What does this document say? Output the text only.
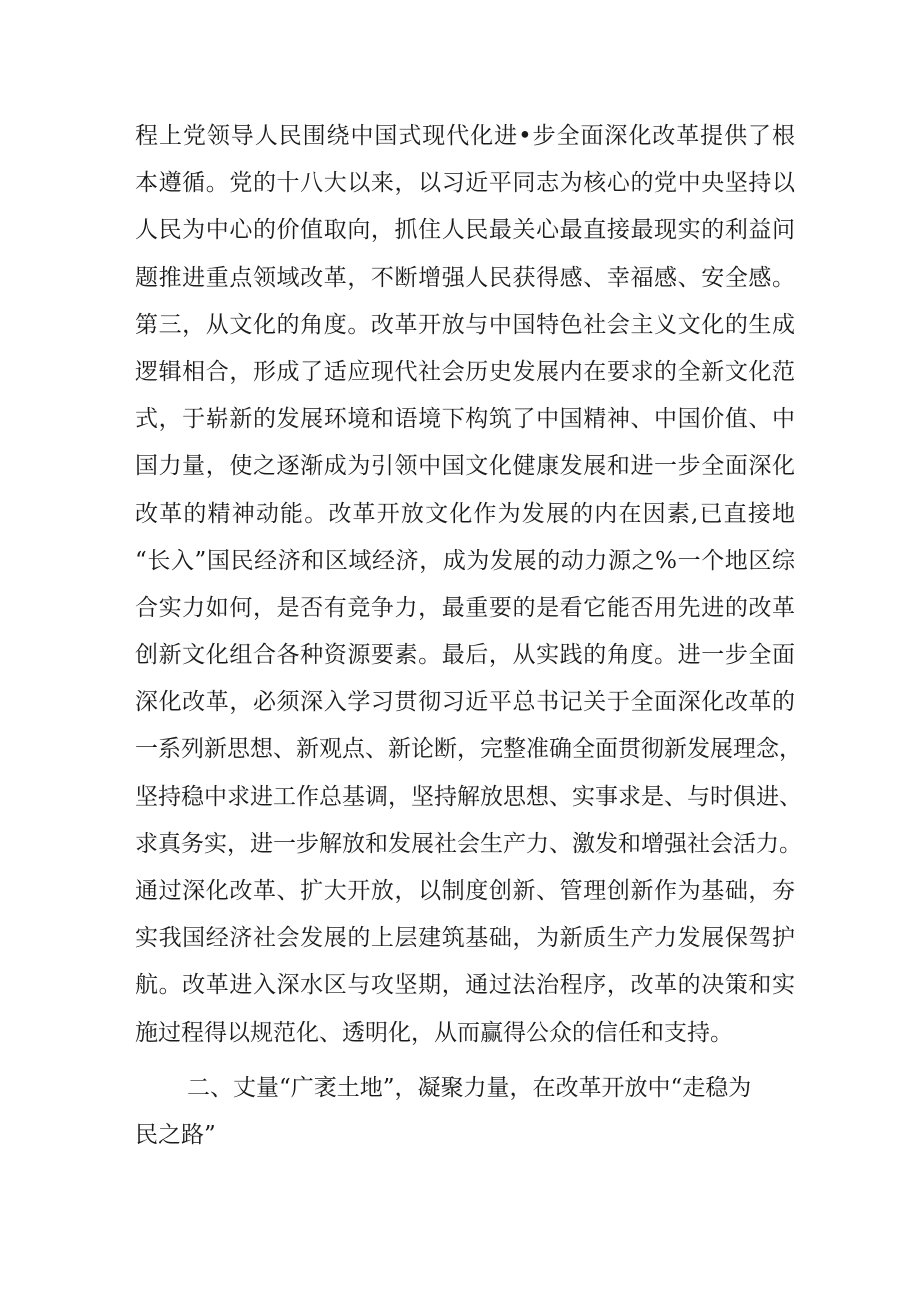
程上党领导人民围绕中国式现代化进•步全面深化改革提供了根
本遵循。党的十八大以来，以习近平同志为核心的党中央坚持以
人民为中心的价值取向，抓住人民最关心最直接最现实的利益问
题推进重点领域改革，不断增强人民获得感、幸福感、安全感。
第三，从文化的角度。改革开放与中国特色社会主义文化的生成
逻辑相合，形成了适应现代社会历史发展内在要求的全新文化范
式，于崭新的发展环境和语境下构筑了中国精神、中国价值、中
国力量，使之逐渐成为引领中国文化健康发展和进一步全面深化
改革的精神动能。改革开放文化作为发展的内在因素,已直接地
“长入”国民经济和区域经济，成为发展的动力源之%一个地区综
合实力如何，是否有竞争力，最重要的是看它能否用先进的改革
创新文化组合各种资源要素。最后，从实践的角度。进一步全面
深化改革，必须深入学习贯彻习近平总书记关于全面深化改革的
一系列新思想、新观点、新论断，完整准确全面贯彻新发展理念，
坚持稳中求进工作总基调，坚持解放思想、实事求是、与时俱进、
求真务实，进一步解放和发展社会生产力、激发和增强社会活力。
通过深化改革、扩大开放，以制度创新、管理创新作为基础，夯
实我国经济社会发展的上层建筑基础，为新质生产力发展保驾护
航。改革进入深水区与攻坚期，通过法治程序，改革的决策和实
施过程得以规范化、透明化，从而赢得公众的信任和支持。
二、丈量“广袤土地”，凝聚力量，在改革开放中“走稳为
民之路”
